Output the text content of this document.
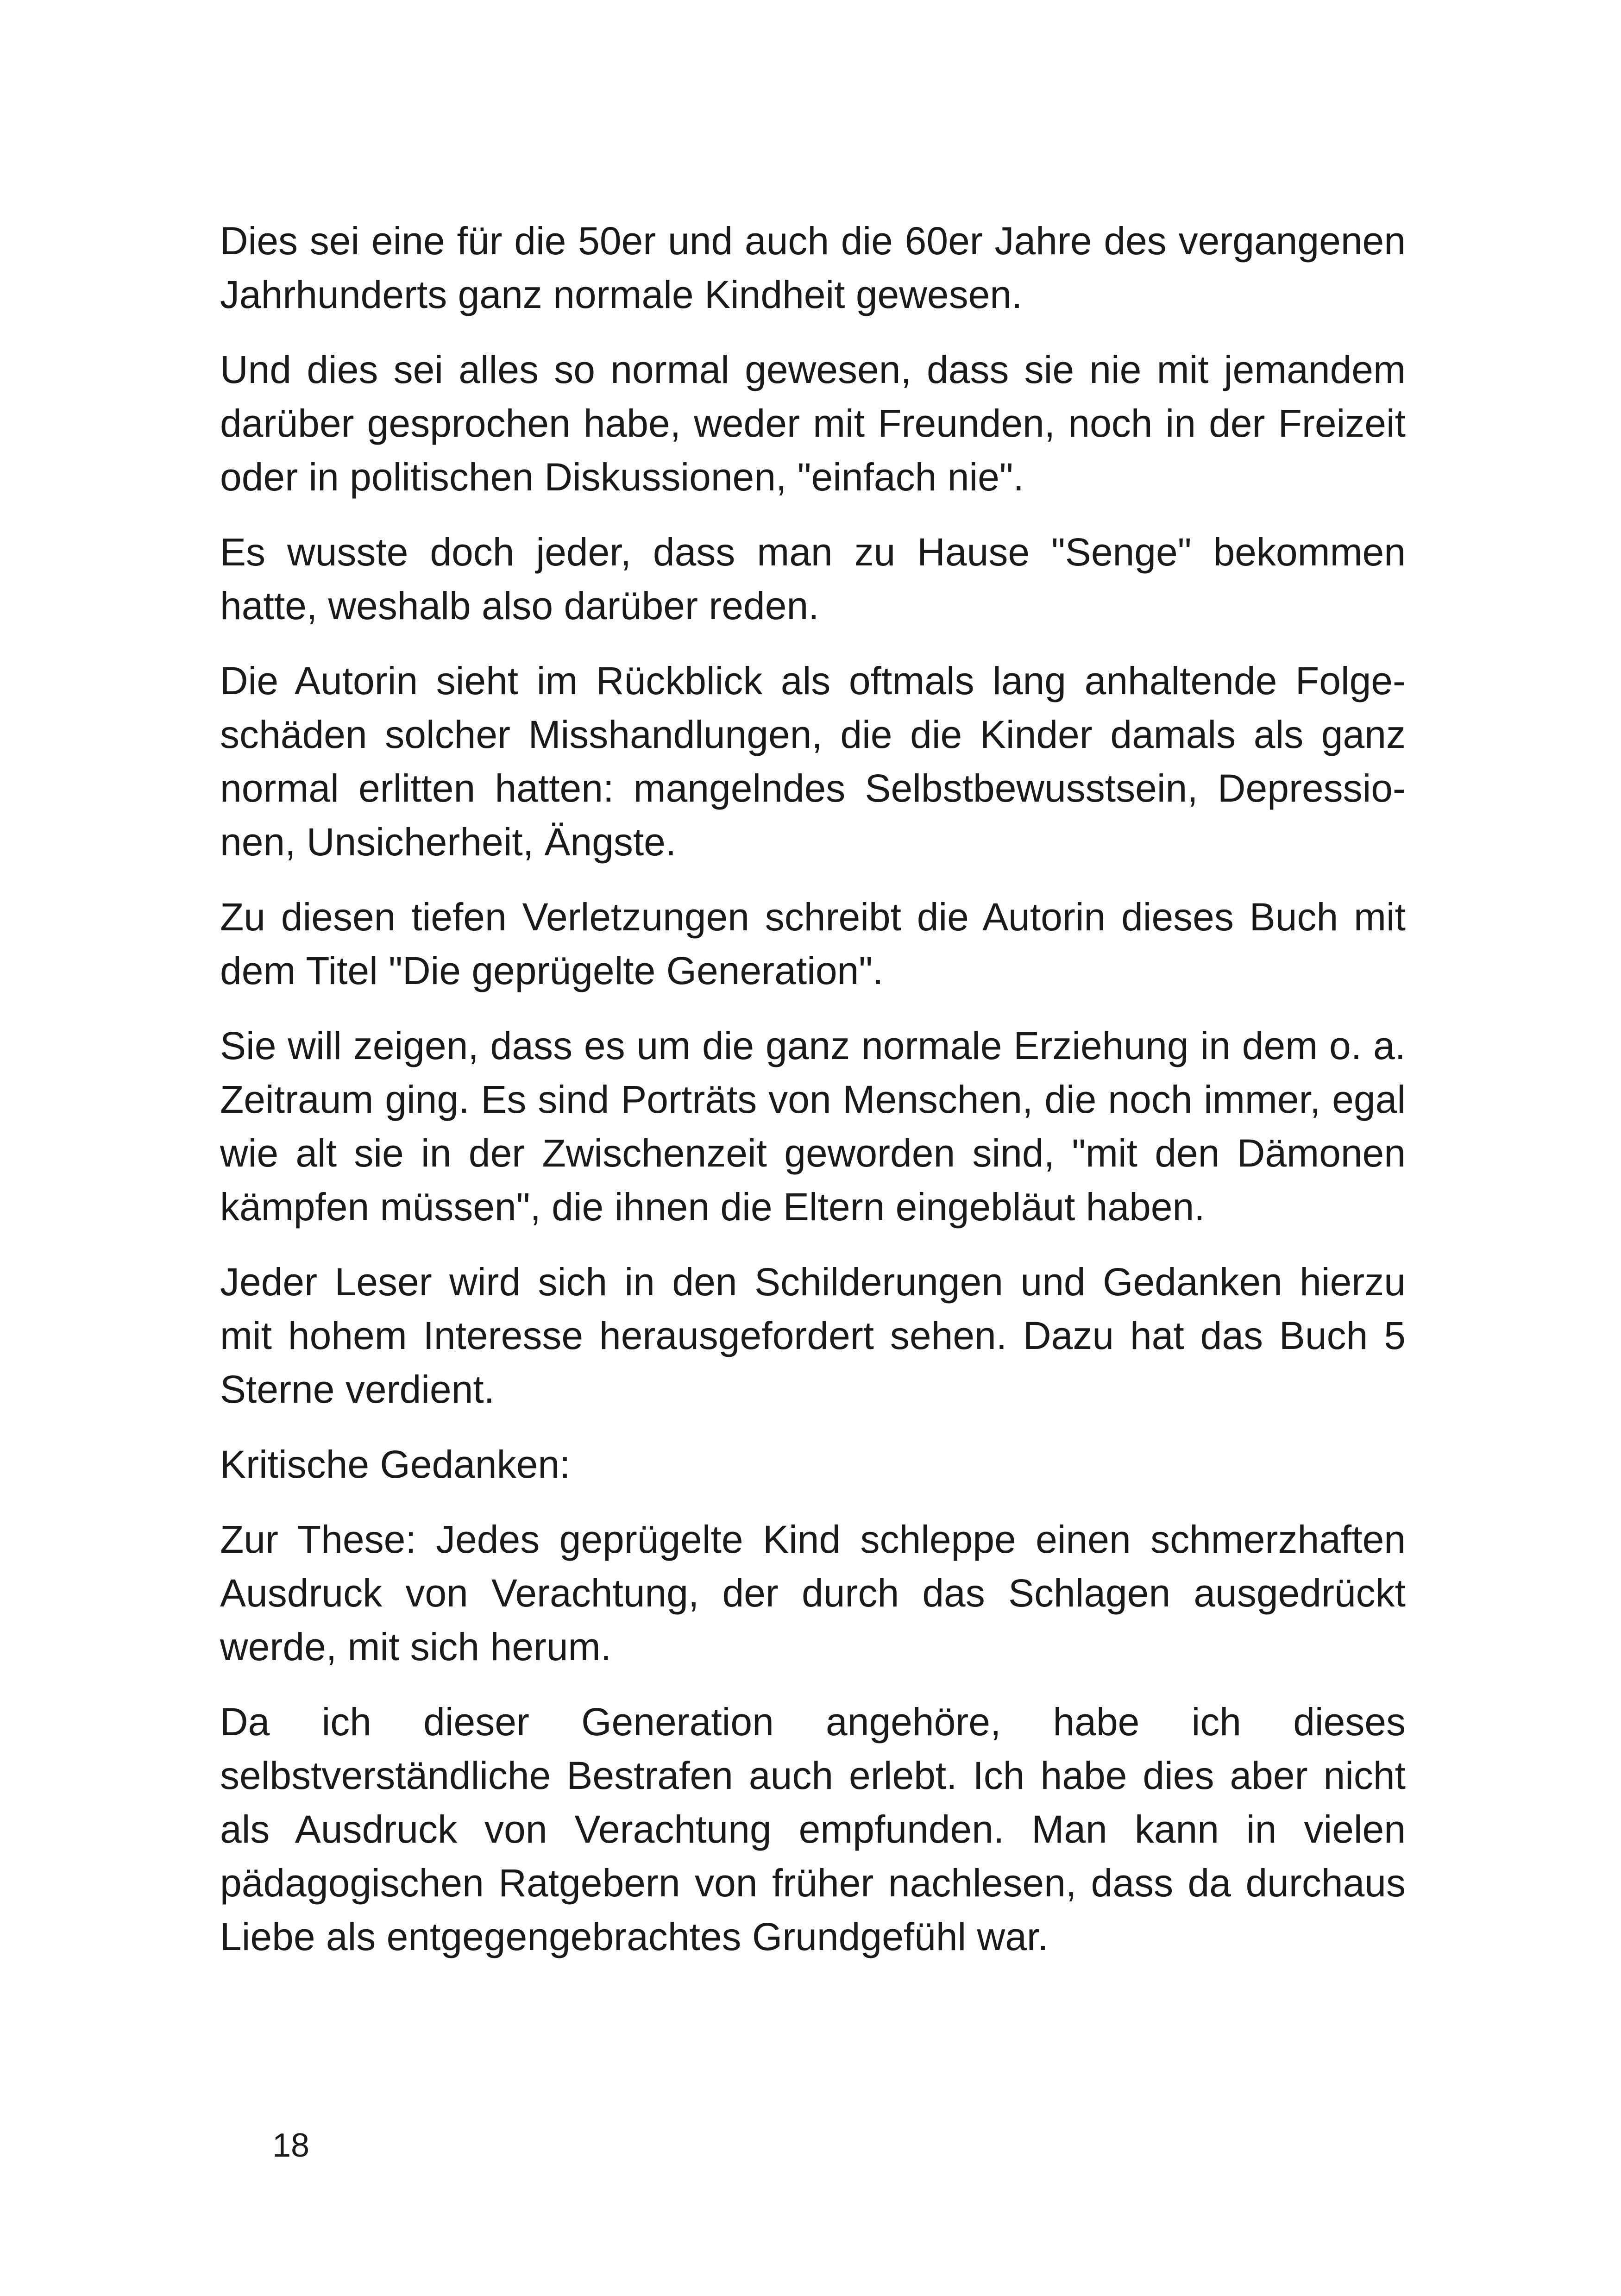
Dies sei eine für die 50er und auch die 60er Jahre des vergangenen Jahrhunderts ganz normale Kindheit gewesen.

Und dies sei alles so normal gewesen, dass sie nie mit jemandem darüber gesprochen habe, weder mit Freunden, noch in der Freizeit oder in politischen Diskussionen, "einfach nie".

Es wusste doch jeder, dass man zu Hause "Senge" bekommen hatte, weshalb also darüber reden.

Die Autorin sieht im Rückblick als oftmals lang anhaltende Folgeschäden solcher Misshandlungen, die die Kinder damals als ganz normal erlitten hatten: mangelndes Selbstbewusstsein, Depressionen, Unsicherheit, Ängste.

Zu diesen tiefen Verletzungen schreibt die Autorin dieses Buch mit dem Titel "Die geprügelte Generation".

Sie will zeigen, dass es um die ganz normale Erziehung in dem o. a. Zeitraum ging. Es sind Porträts von Menschen, die noch immer, egal wie alt sie in der Zwischenzeit geworden sind, "mit den Dämonen kämpfen müssen", die ihnen die Eltern eingebläut haben.

Jeder Leser wird sich in den Schilderungen und Gedanken hierzu mit hohem Interesse herausgefordert sehen. Dazu hat das Buch 5 Sterne verdient.

Kritische Gedanken:

Zur These: Jedes geprügelte Kind schleppe einen schmerzhaften Ausdruck von Verachtung, der durch das Schlagen ausgedrückt werde, mit sich herum.

Da ich dieser Generation angehöre, habe ich dieses selbstverständliche Bestrafen auch erlebt. Ich habe dies aber nicht als Ausdruck von Verachtung empfunden. Man kann in vielen pädagogischen Ratgebern von früher nachlesen, dass da durchaus Liebe als entgegengebrachtes Grundgefühl war.

18
